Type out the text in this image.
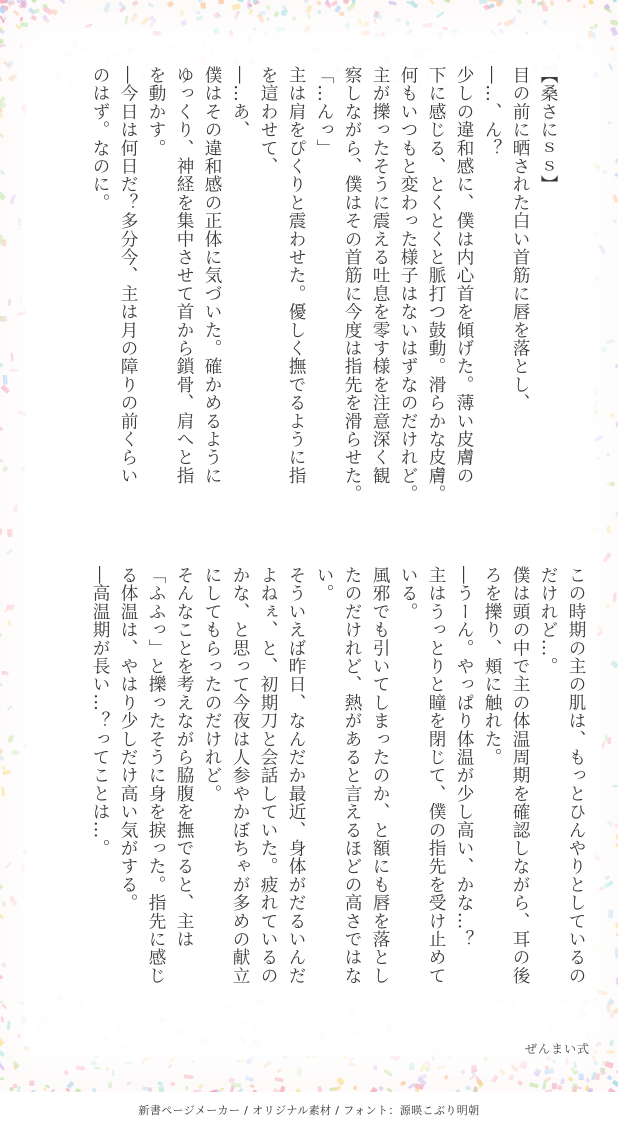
【桑さにｓｓ】
目の前に晒された白い首筋に唇を落とし、
―…、ん？
少しの違和感に、僕は内心首を傾げた。薄い皮膚の
下に感じる、とくとくと脈打つ鼓動。滑らかな皮膚。
何もいつもと変わった様子はないはずなのだけれど。
主が擽ったそうに震える吐息を零す様を注意深く観
察しながら、僕はその首筋に今度は指先を滑らせた。
「…んっ」
主は肩をぴくりと震わせた。優しく撫でるように指
を這わせて、
―…あ、
僕はその違和感の正体に気づいた。確かめるように
ゆっくり、神経を集中させて首から鎖骨、肩へと指
を動かす。
―今日は何日だ？多分今、主は月の障りの前くらい
のはず。なのに。
この時期の主の肌は、もっとひんやりとしているの
だけれど…。
僕は頭の中で主の体温周期を確認しながら、耳の後
ろを擽り、頬に触れた。
―うーん。やっぱり体温が少し高い、かな…？
主はうっとりと瞳を閉じて、僕の指先を受け止めて
いる。
風邪でも引いてしまったのか、と額にも唇を落とし
たのだけれど、熱があると言えるほどの高さではな
い。
そういえば昨日、なんだか最近、身体がだるいんだ
よねぇ、と、初期刀と会話していた。疲れているの
かな、と思って今夜は人参やかぼちゃが多めの献立
にしてもらったのだけれど。
そんなことを考えながら脇腹を撫でると、主は
「ふふっ」と擽ったそうに身を捩った。指先に感じ
る体温は、やはり少しだけ高い気がする。
―高温期が長い…？ってことは…。
ぜんまい式
新書ページメーカー / オリジナル素材 / フォント：源暎こぶり明朝
